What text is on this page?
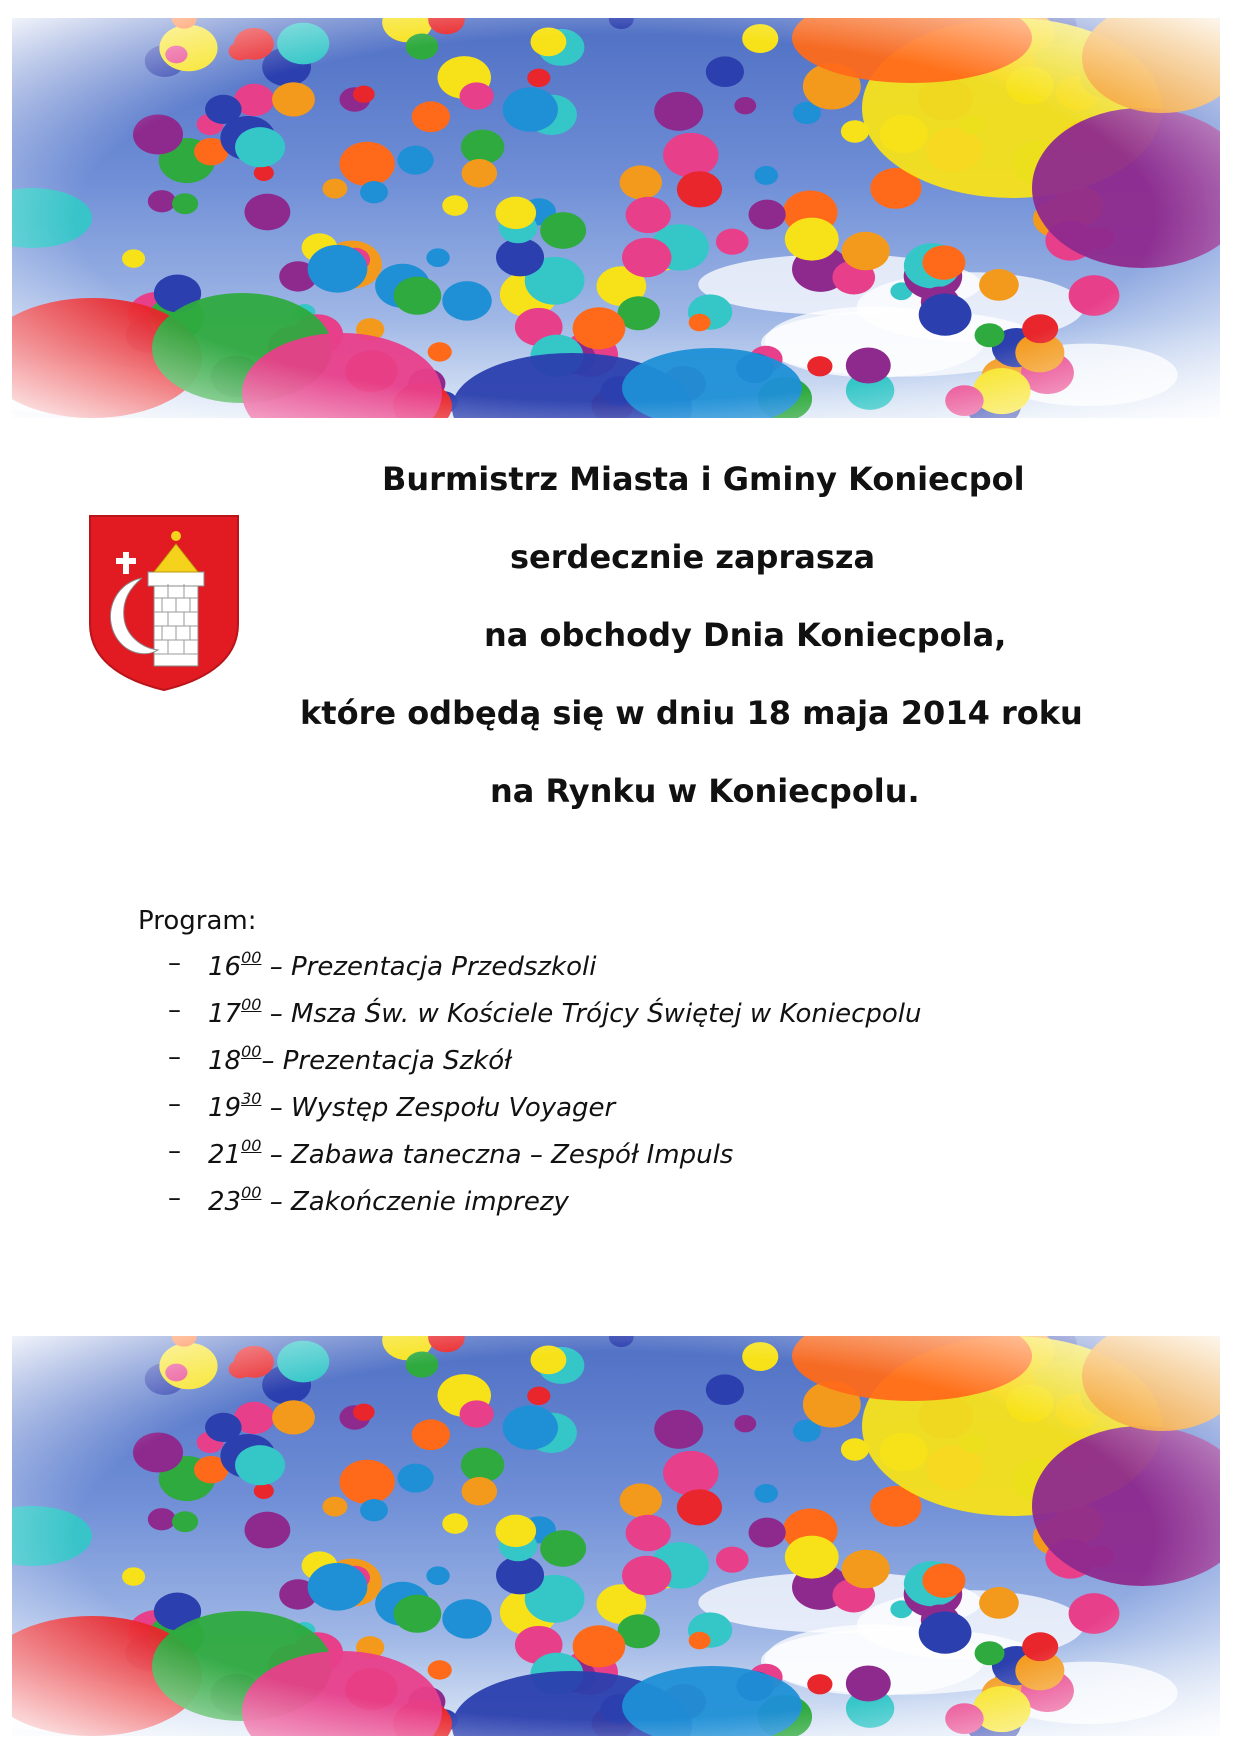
Burmistrz Miasta i Gminy Koniecpol
serdecznie zaprasza
na obchody Dnia Koniecpola,
które odbędą się w dniu 18 maja 2014 roku
na Rynku w Koniecpolu.
Program:
– $16^{00}$ – Prezentacja Przedszkoli
– $17^{00}$ – Msza Św. w Kościele Trójcy Świętej w Koniecpolu
– $18^{00}-$ Prezentacja Szkół
– $19^{30}$ – Występ Zespołu Voyager
– $21^{00}$ – Zabawa taneczna – Zespół Impuls
– $23^{00}$ – Zakończenie imprezy
